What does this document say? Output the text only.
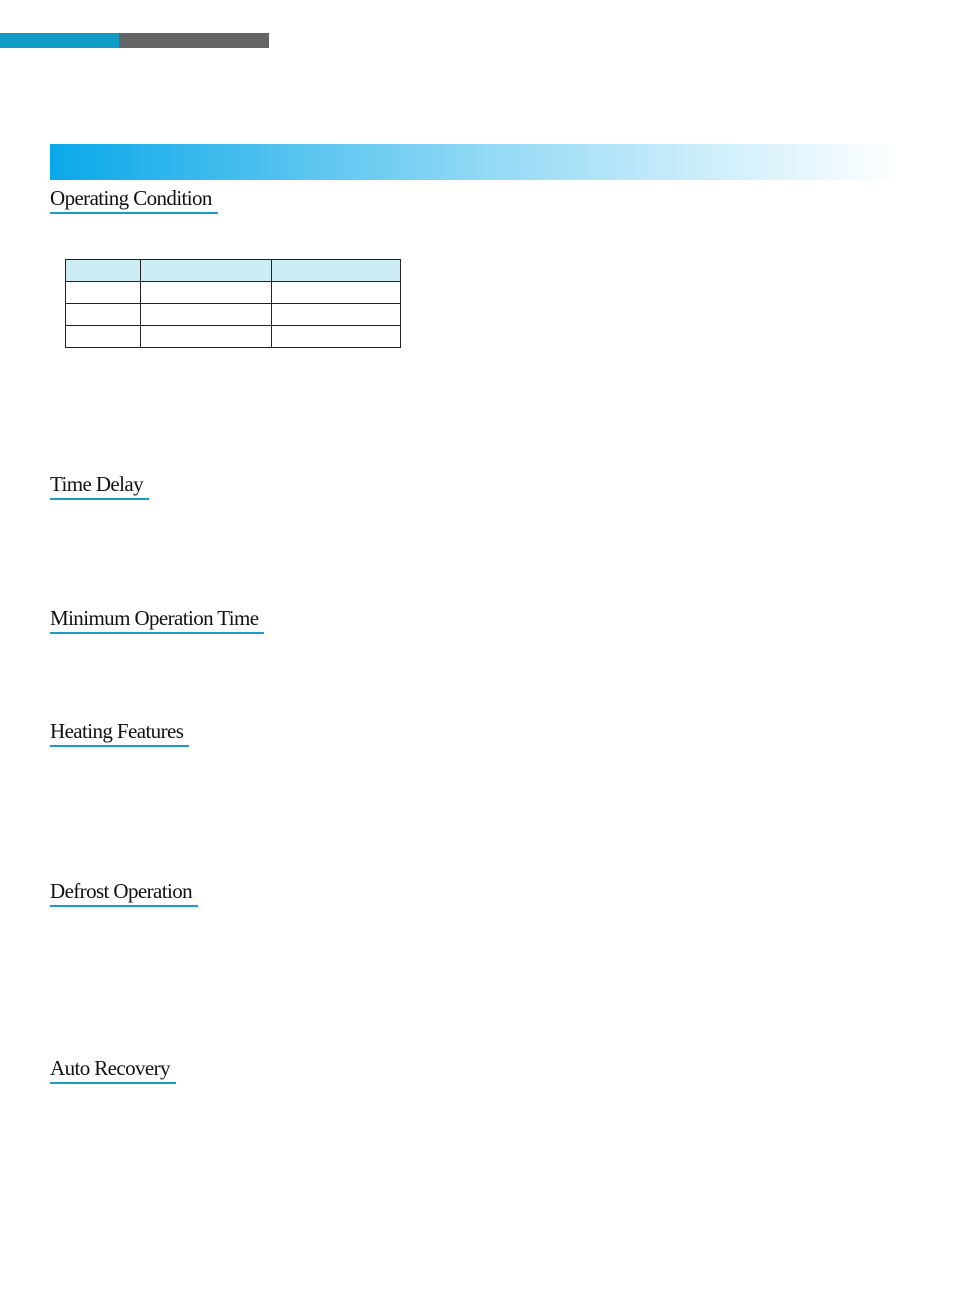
Operating Condition

Time Delay
Minimum Operation Time
Heating Features
Defrost Operation
Auto Recovery
